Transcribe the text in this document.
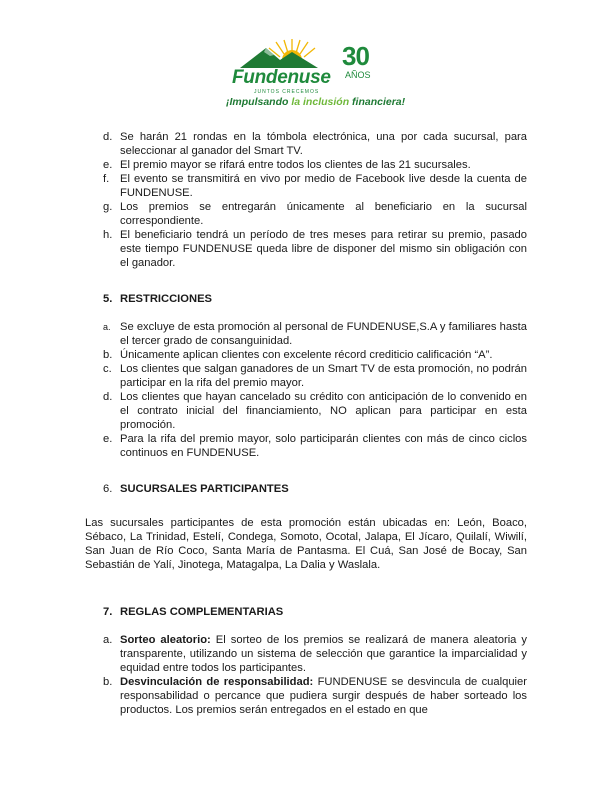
Fundenuse
JUNTOS CRECEMOS
30
AÑOS
¡Impulsando la inclusión financiera!

d. Se harán 21 rondas en la tómbola electrónica, una por cada sucursal, para seleccionar al ganador del Smart TV.

e. El premio mayor se rifará entre todos los clientes de las 21 sucursales.

f. El evento se transmitirá en vivo por medio de Facebook live desde la cuenta de FUNDENUSE.

g. Los premios se entregarán únicamente al beneficiario en la sucursal correspondiente.

h. El beneficiario tendrá un período de tres meses para retirar su premio, pasado este tiempo FUNDENUSE queda libre de disponer del mismo sin obligación con el ganador.

5. RESTRICCIONES

a. Se excluye de esta promoción al personal de FUNDENUSE,S.A y familiares hasta el tercer grado de consanguinidad.

b. Únicamente aplican clientes con excelente récord crediticio calificación “A”.

c. Los clientes que salgan ganadores de un Smart TV de esta promoción, no podrán participar en la rifa del premio mayor.

d. Los clientes que hayan cancelado su crédito con anticipación de lo convenido en el contrato inicial del financiamiento, NO aplican para participar en esta promoción.

e. Para la rifa del premio mayor, solo participarán clientes con más de cinco ciclos continuos en FUNDENUSE.

6. SUCURSALES PARTICIPANTES

Las sucursales participantes de esta promoción están ubicadas en: León, Boaco, Sébaco, La Trinidad, Estelí, Condega, Somoto, Ocotal, Jalapa, El Jícaro, Quilalí, Wiwilí, San Juan de Río Coco, Santa María de Pantasma. El Cuá, San José de Bocay, San Sebastián de Yalí, Jinotega, Matagalpa, La Dalia y Waslala.

7. REGLAS COMPLEMENTARIAS

a. Sorteo aleatorio: El sorteo de los premios se realizará de manera aleatoria y transparente, utilizando un sistema de selección que garantice la imparcialidad y equidad entre todos los participantes.

b. Desvinculación de responsabilidad: FUNDENUSE se desvincula de cualquier responsabilidad o percance que pudiera surgir después de haber sorteado los productos. Los premios serán entregados en el estado en que
